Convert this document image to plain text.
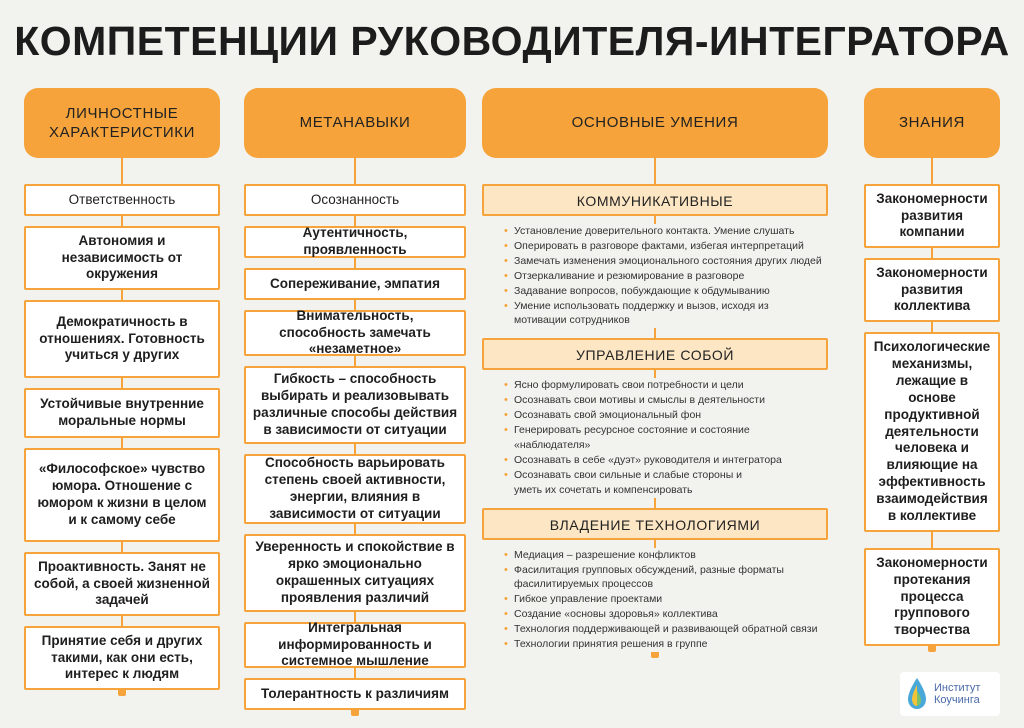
КОМПЕТЕНЦИИ РУКОВОДИТЕЛЯ-ИНТЕГРАТОРА
ЛИЧНОСТНЫЕ ХАРАКТЕРИСТИКИ
Ответственность
Автономия и независимость от окружения
Демократичность в отношениях. Готовность учиться у других
Устойчивые внутренние моральные нормы
«Философское» чувство юмора. Отношение с юмором к жизни в целом и к самому себе
Проактивность. Занят не собой, а своей жизненной задачей
Принятие себя и других такими, как они есть, интерес к людям
МЕТАНАВЫКИ
Осознанность
Аутентичность, проявленность
Сопереживание, эмпатия
Внимательность, способность замечать «незаметное»
Гибкость – способность выбирать и реализовывать различные способы действия в зависимости от ситуации
Способность варьировать степень своей активности, энергии, влияния в зависимости от ситуации
Уверенность и спокойствие в ярко эмоционально окрашенных ситуациях проявления различий
Интегральная информированность и системное мышление
Толерантность к различиям
ОСНОВНЫЕ УМЕНИЯ
КОММУНИКАТИВНЫЕ
• Установление доверительного контакта. Умение слушать
• Оперировать в разговоре фактами, избегая интерпретаций
• Замечать изменения эмоционального состояния других людей
• Отзеркаливание и резюмирование в разговоре
• Задавание вопросов, побуждающие к обдумыванию
• Умение использовать поддержку и вызов, исходя из мотивации сотрудников
УПРАВЛЕНИЕ СОБОЙ
• Ясно формулировать свои потребности и цели
• Осознавать свои мотивы и смыслы в деятельности
• Осознавать свой эмоциональный фон
• Генерировать ресурсное состояние и состояние «наблюдателя»
• Осознавать в себе «дуэт» руководителя и интегратора
• Осознавать свои сильные и слабые стороны и уметь их сочетать и компенсировать
ВЛАДЕНИЕ ТЕХНОЛОГИЯМИ
• Медиация – разрешение конфликтов
• Фасилитация групповых обсуждений, разные форматы фасилитируемых процессов
• Гибкое управление проектами
• Создание «основы здоровья» коллектива
• Технология поддерживающей и развивающей обратной связи
• Технологии принятия решения в группе
ЗНАНИЯ
Закономерности развития компании
Закономерности развития коллектива
Психологические механизмы, лежащие в основе продуктивной деятельности человека и влияющие на эффективность взаимодействия в коллективе
Закономерности протекания процесса группового творчества
Институт
Коучинга
